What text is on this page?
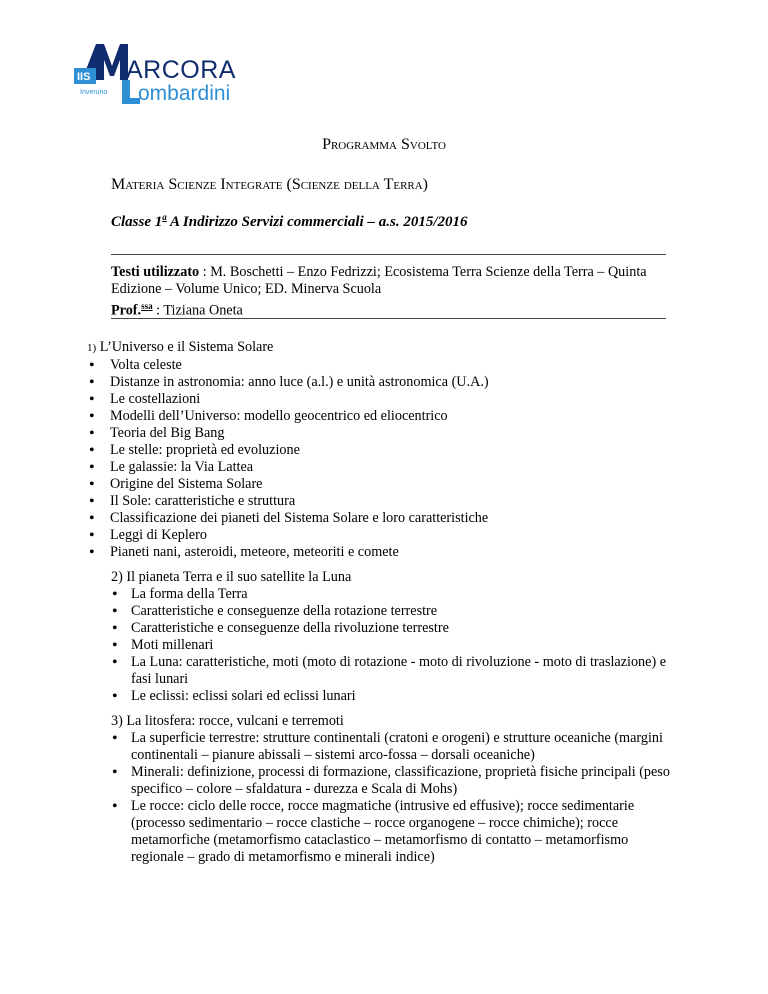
IIS ARCORA
ombardini
Inveruno
Programma Svolto
Materia Scienze Integrate (Scienze della Terra)
Classe 1$^a$ A Indirizzo Servizi commerciali – a.s. 2015/2016
Testi utilizzato : M. Boschetti – Enzo Fedrizzi; Ecosistema Terra Scienze della Terra – Quinta Edizione – Volume Unico; ED. Minerva Scuola
Prof.$^{ssa}$ : Tiziana Oneta
1) L’Universo e il Sistema Solare
• Volta celeste
• Distanze in astronomia: anno luce (a.l.) e unità astronomica (U.A.)
• Le costellazioni
• Modelli dell’Universo: modello geocentrico ed eliocentrico
• Teoria del Big Bang
• Le stelle: proprietà ed evoluzione
• Le galassie: la Via Lattea
• Origine del Sistema Solare
• Il Sole: caratteristiche e struttura
• Classificazione dei pianeti del Sistema Solare e loro caratteristiche
• Leggi di Keplero
• Pianeti nani, asteroidi, meteore, meteoriti e comete
2) Il pianeta Terra e il suo satellite la Luna
• La forma della Terra
• Caratteristiche e conseguenze della rotazione terrestre
• Caratteristiche e conseguenze della rivoluzione terrestre
• Moti millenari
• La Luna: caratteristiche, moti (moto di rotazione - moto di rivoluzione - moto di traslazione) e fasi lunari
• Le eclissi: eclissi solari ed eclissi lunari
3) La litosfera: rocce, vulcani e terremoti
• La superficie terrestre: strutture continentali (cratoni e orogeni) e strutture oceaniche (margini continentali – pianure abissali – sistemi arco-fossa – dorsali oceaniche)
• Minerali: definizione, processi di formazione, classificazione, proprietà fisiche principali (peso specifico – colore – sfaldatura - durezza e Scala di Mohs)
• Le rocce: ciclo delle rocce, rocce magmatiche (intrusive ed effusive); rocce sedimentarie (processo sedimentario – rocce clastiche – rocce organogene – rocce chimiche); rocce metamorfiche (metamorfismo cataclastico – metamorfismo di contatto – metamorfismo regionale – grado di metamorfismo e minerali indice)
